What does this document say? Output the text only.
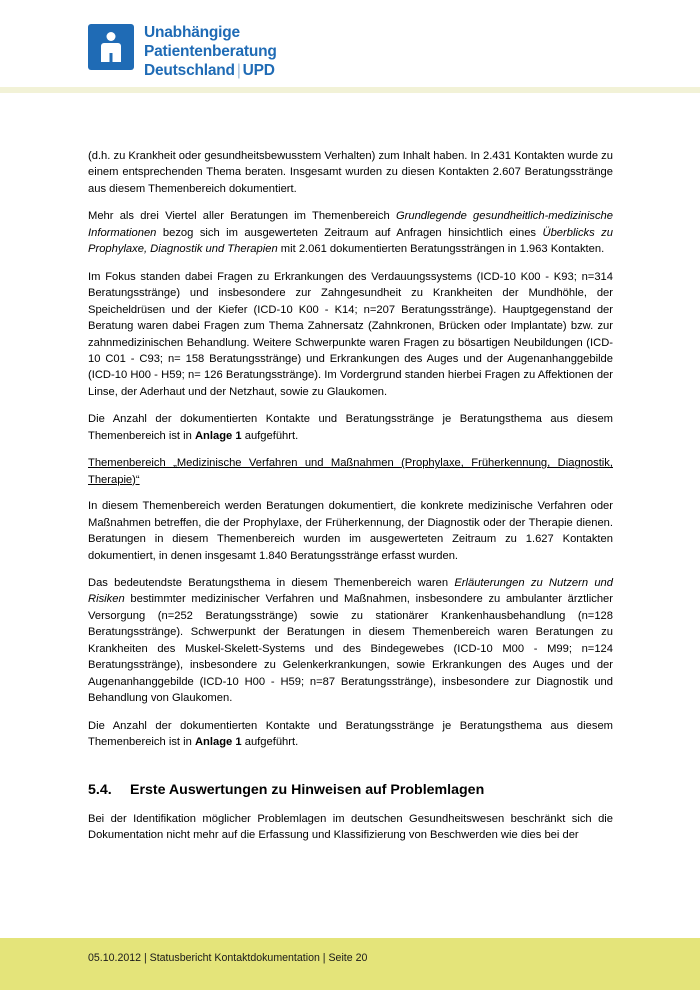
Unabhängige
Patientenberatung
Deutschland | UPD

(d.h. zu Krankheit oder gesundheitsbewusstem Verhalten) zum Inhalt haben. In 2.431 Kontakten wurde zu einem entsprechenden Thema beraten. Insgesamt wurden zu diesen Kontakten 2.607 Beratungsstränge aus diesem Themenbereich dokumentiert.

Mehr als drei Viertel aller Beratungen im Themenbereich Grundlegende gesundheitlich-medizinische Informationen bezog sich im ausgewerteten Zeitraum auf Anfragen hinsichtlich eines Überblicks zu Prophylaxe, Diagnostik und Therapien mit 2.061 dokumentierten Beratungssträngen in 1.963 Kontakten.

Im Fokus standen dabei Fragen zu Erkrankungen des Verdauungssystems (ICD-10 K00 - K93; n=314 Beratungsstränge) und insbesondere zur Zahngesundheit zu Krankheiten der Mundhöhle, der Speicheldrüsen und der Kiefer (ICD-10 K00 - K14; n=207 Beratungsstränge). Hauptgegenstand der Beratung waren dabei Fragen zum Thema Zahnersatz (Zahnkronen, Brücken oder Implantate) bzw. zur zahnmedizinischen Behandlung. Weitere Schwerpunkte waren Fragen zu bösartigen Neubildungen (ICD-10 C01 - C93; n= 158 Beratungsstränge) und Erkrankungen des Auges und der Augenanhanggebilde (ICD-10 H00 - H59; n= 126 Beratungsstränge). Im Vordergrund standen hierbei Fragen zu Affektionen der Linse, der Aderhaut und der Netzhaut, sowie zu Glaukomen.

Die Anzahl der dokumentierten Kontakte und Beratungsstränge je Beratungsthema aus diesem Themenbereich ist in Anlage 1 aufgeführt.

Themenbereich „Medizinische Verfahren und Maßnahmen (Prophylaxe, Früherkennung, Diagnostik, Therapie)“

In diesem Themenbereich werden Beratungen dokumentiert, die konkrete medizinische Verfahren oder Maßnahmen betreffen, die der Prophylaxe, der Früherkennung, der Diagnostik oder der Therapie dienen. Beratungen in diesem Themenbereich wurden im ausgewerteten Zeitraum zu 1.627 Kontakten dokumentiert, in denen insgesamt 1.840 Beratungsstränge erfasst wurden.

Das bedeutendste Beratungsthema in diesem Themenbereich waren Erläuterungen zu Nutzern und Risiken bestimmter medizinischer Verfahren und Maßnahmen, insbesondere zu ambulanter ärztlicher Versorgung (n=252 Beratungsstränge) sowie zu stationärer Krankenhausbehandlung (n=128 Beratungsstränge). Schwerpunkt der Beratungen in diesem Themenbereich waren Beratungen zu Krankheiten des Muskel-Skelett-Systems und des Bindegewebes (ICD-10 M00 - M99; n=124 Beratungsstränge), insbesondere zu Gelenkerkrankungen, sowie Erkrankungen des Auges und der Augenanhanggebilde (ICD-10 H00 - H59; n=87 Beratungsstränge), insbesondere zur Diagnostik und Behandlung von Glaukomen.

Die Anzahl der dokumentierten Kontakte und Beratungsstränge je Beratungsthema aus diesem Themenbereich ist in Anlage 1 aufgeführt.

5.4. Erste Auswertungen zu Hinweisen auf Problemlagen

Bei der Identifikation möglicher Problemlagen im deutschen Gesundheitswesen beschränkt sich die Dokumentation nicht mehr auf die Erfassung und Klassifizierung von Beschwerden wie dies bei der

05.10.2012 | Statusbericht Kontaktdokumentation | Seite 20
